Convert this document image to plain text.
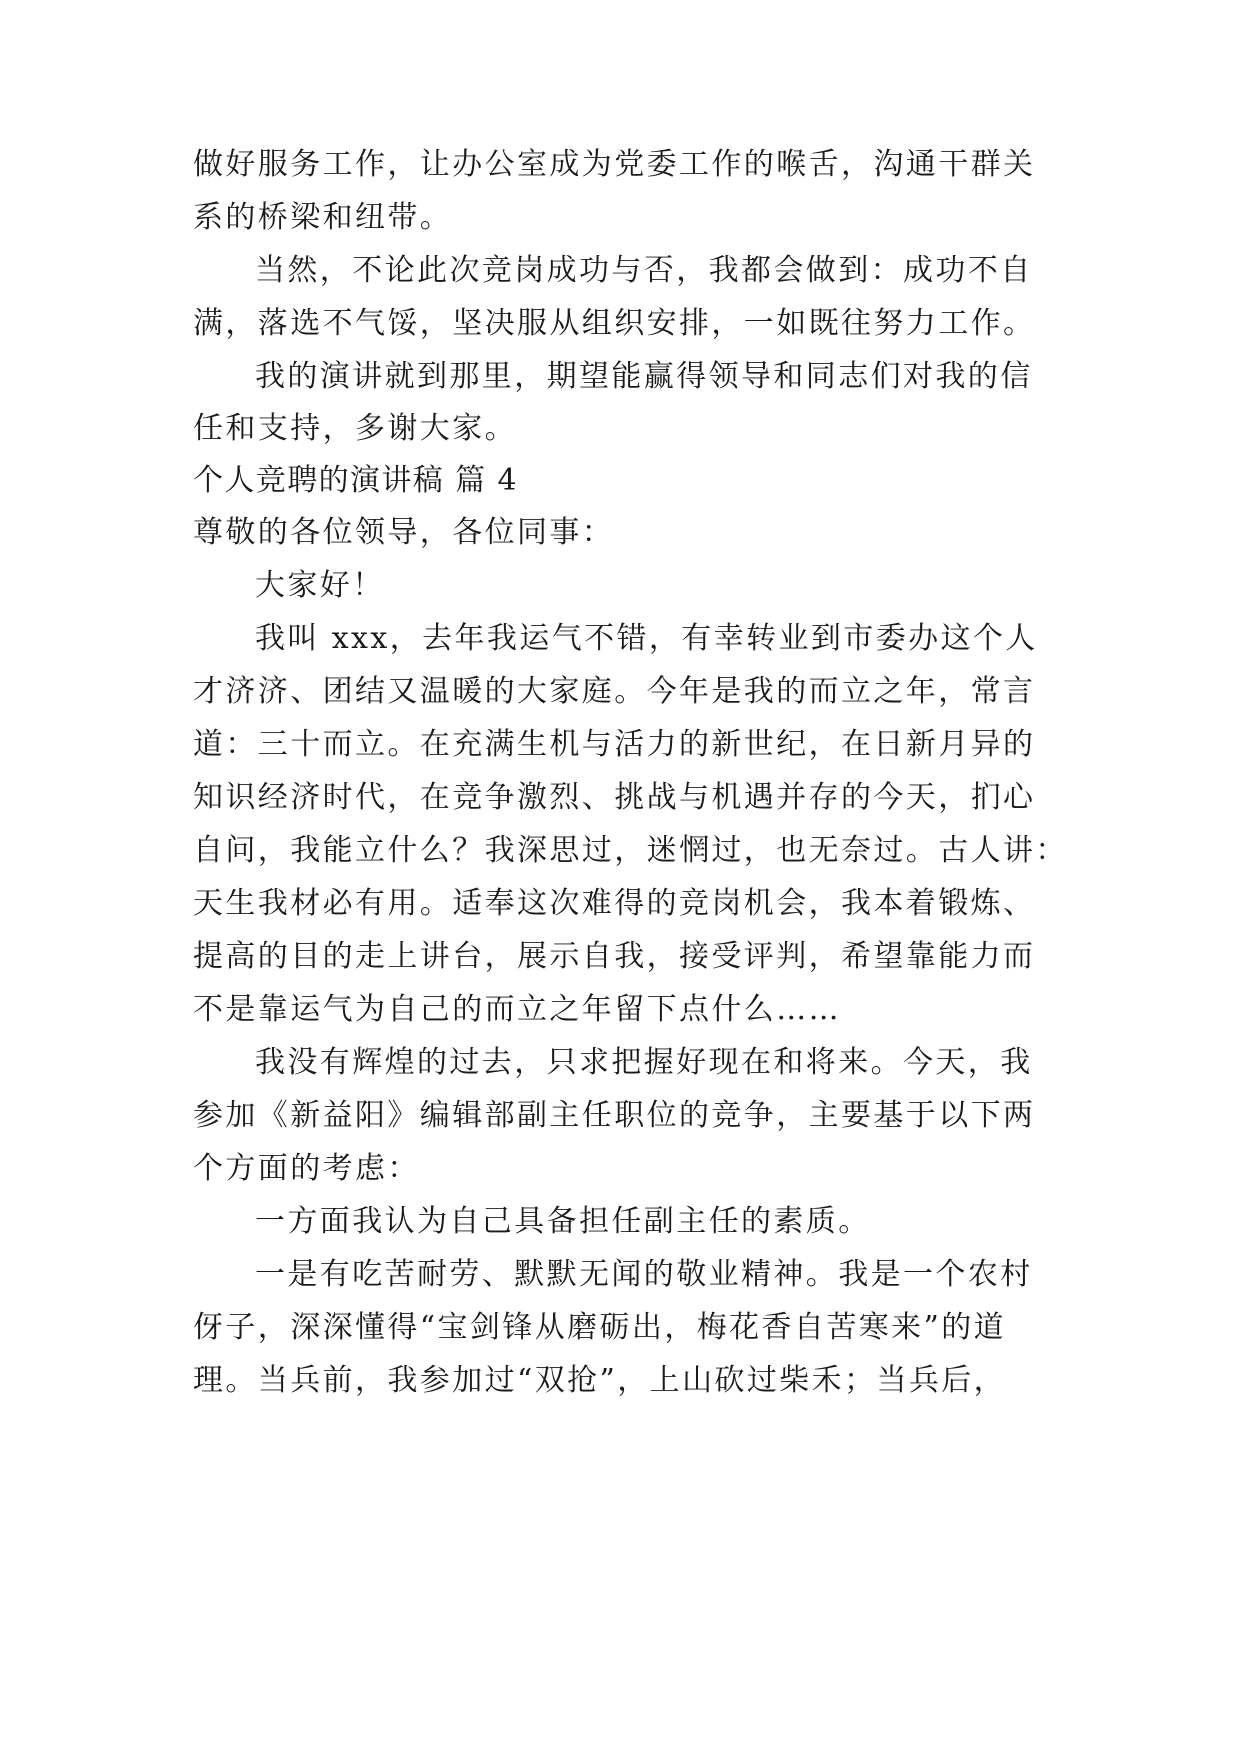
做好服务工作，让办公室成为党委工作的喉舌，沟通干群关
系的桥梁和纽带。
当然，不论此次竞岗成功与否，我都会做到：成功不自
满，落选不气馁，坚决服从组织安排，一如既往努力工作。
我的演讲就到那里，期望能赢得领导和同志们对我的信
任和支持，多谢大家。
个人竞聘的演讲稿 篇 4
尊敬的各位领导，各位同事：
大家好！
我叫 xxx，去年我运气不错，有幸转业到市委办这个人
才济济、团结又温暖的大家庭。今年是我的而立之年，常言
道：三十而立。在充满生机与活力的新世纪，在日新月异的
知识经济时代，在竞争激烈、挑战与机遇并存的今天，扪心
自问，我能立什么？我深思过，迷惘过，也无奈过。古人讲：
天生我材必有用。适奉这次难得的竞岗机会，我本着锻炼、
提高的目的走上讲台，展示自我，接受评判，希望靠能力而
不是靠运气为自己的而立之年留下点什么……
我没有辉煌的过去，只求把握好现在和将来。今天，我
参加《新益阳》编辑部副主任职位的竞争，主要基于以下两
个方面的考虑：
一方面我认为自己具备担任副主任的素质。
一是有吃苦耐劳、默默无闻的敬业精神。我是一个农村
伢子，深深懂得“宝剑锋从磨砺出，梅花香自苦寒来”的道
理。当兵前，我参加过“双抢”，上山砍过柴禾；当兵后，
